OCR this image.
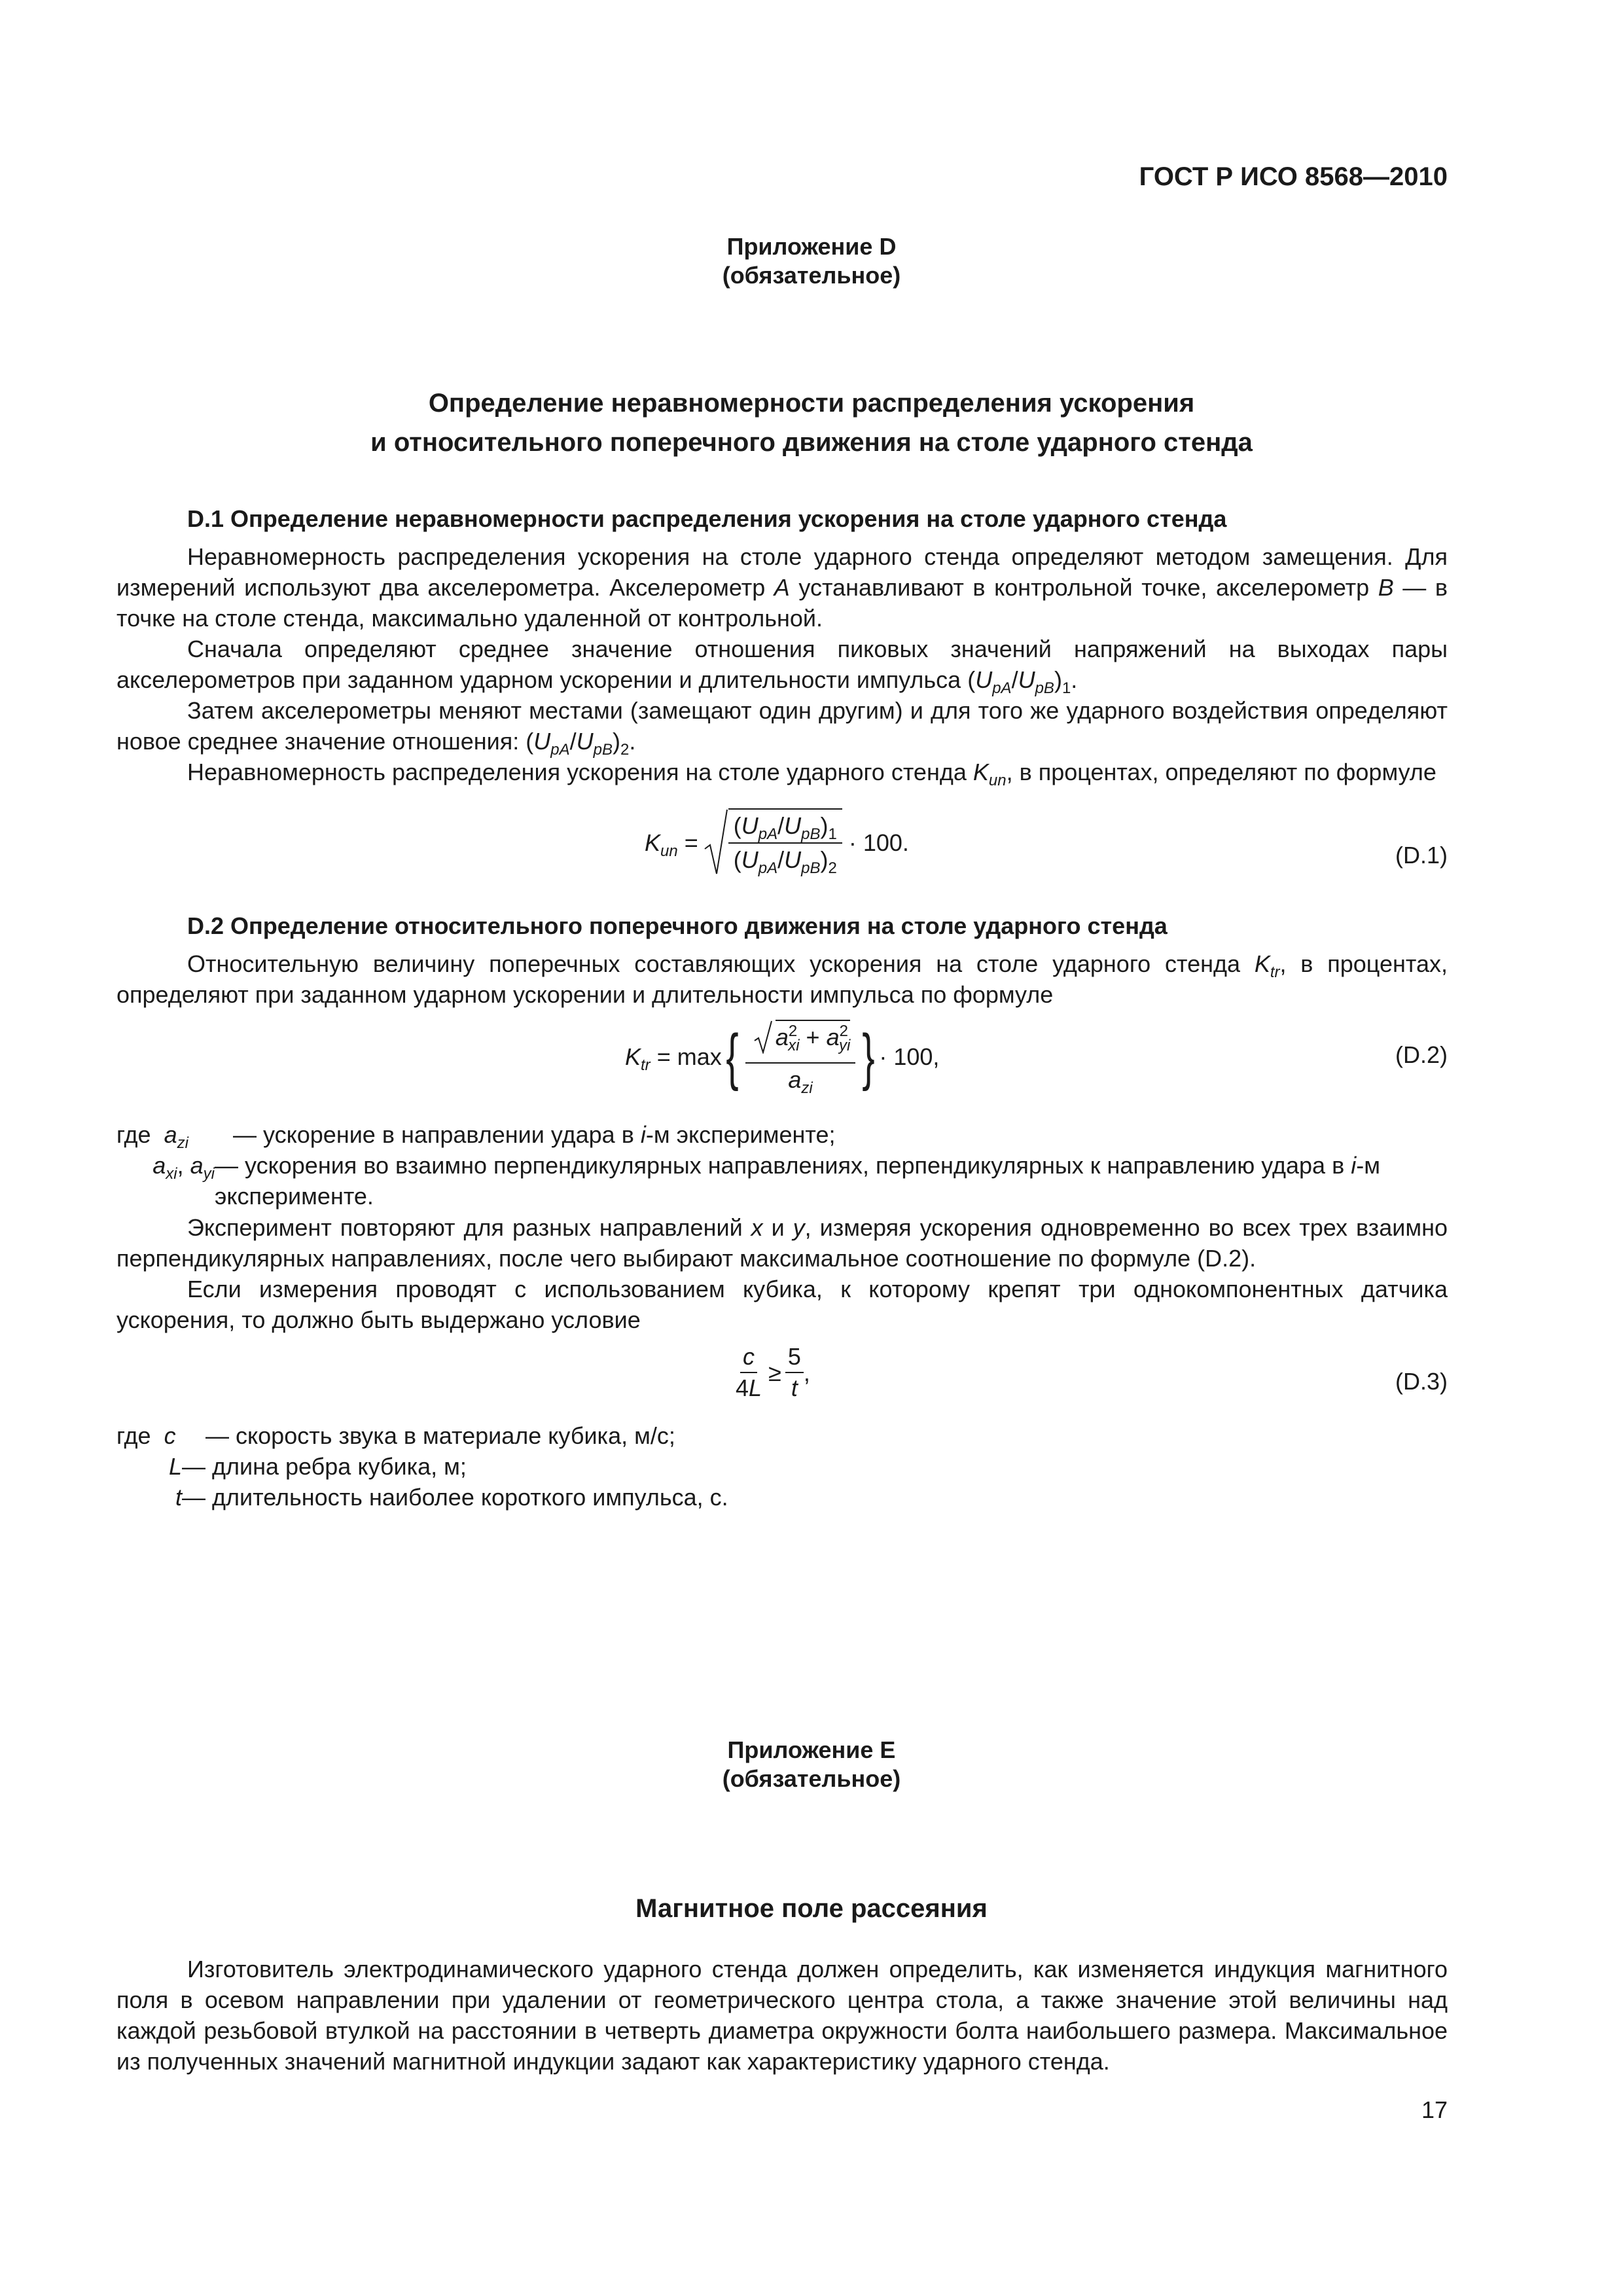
ГОСТ Р ИСО 8568—2010
Приложение D
(обязательное)
Определение неравномерности распределения ускорения
и относительного поперечного движения на столе ударного стенда
D.1 Определение неравномерности распределения ускорения на столе ударного стенда

Неравномерность распределения ускорения на столе ударного стенда определяют методом замещения. Для измерений используют два акселерометра. Акселерометр A устанавливают в контрольной точке, акселерометр B — в точке на столе стенда, максимально удаленной от контрольной.

Сначала определяют среднее значение отношения пиковых значений напряжений на выходах пары акселерометров при заданном ударном ускорении и длительности импульса $(U_{pA}/U_{pB})_1$.

Затем акселерометры меняют местами (замещают один другим) и для того же ударного воздействия определяют новое среднее значение отношения: $(U_{pA}/U_{pB})_2$.

Неравномерность распределения ускорения на столе ударного стенда $K_{un}$, в процентах, определяют по формуле

$K_{un} = \frac{(U_{pA}/U_{pB})_1}{(U_{pA}/U_{pB})_2} \cdot 100$.	(D.1)
D.2 Определение относительного поперечного движения на столе ударного стенда

Относительную величину поперечных составляющих ускорения на столе ударного стенда $K_{tr}$, в процентах, определяют при заданном ударном ускорении и длительности импульса по формуле

$K_{tr} = \max$ { $\frac{a^2_{xi} + a^2_{yi}}{a_{zi}}$ } · 100,	(D.2)
где $a_{zi}$	— ускорение в направлении удара в i-м эксперименте;
$a_{xi}$, $a_{yi}$ — ускорения во взаимно перпендикулярных направлениях, перпендикулярных к направлению удара в i-м эксперименте.

Эксперимент повторяют для разных направлений x и y, измеряя ускорения одновременно во всех трех взаимно перпендикулярных направлениях, после чего выбирают максимальное соотношение по формуле (D.2).

Если измерения проводят с использованием кубика, к которому крепят три однокомпонентных датчика ускорения, то должно быть выдержано условие

$\frac{c}{4L} \ge \frac{5}{t}$ ,	(D.3)
где c	— скорость звука в материале кубика, м/с;
L — длина ребра кубика, м;
t — длительность наиболее короткого импульса, с.
Приложение E
(обязательное)
Магнитное поле рассеяния

Изготовитель электродинамического ударного стенда должен определить, как изменяется индукция магнитного поля в осевом направлении при удалении от геометрического центра стола, а также значение этой величины над каждой резьбовой втулкой на расстоянии в четверть диаметра окружности болта наибольшего размера. Максимальное из полученных значений магнитной индукции задают как характеристику ударного стенда.

17
